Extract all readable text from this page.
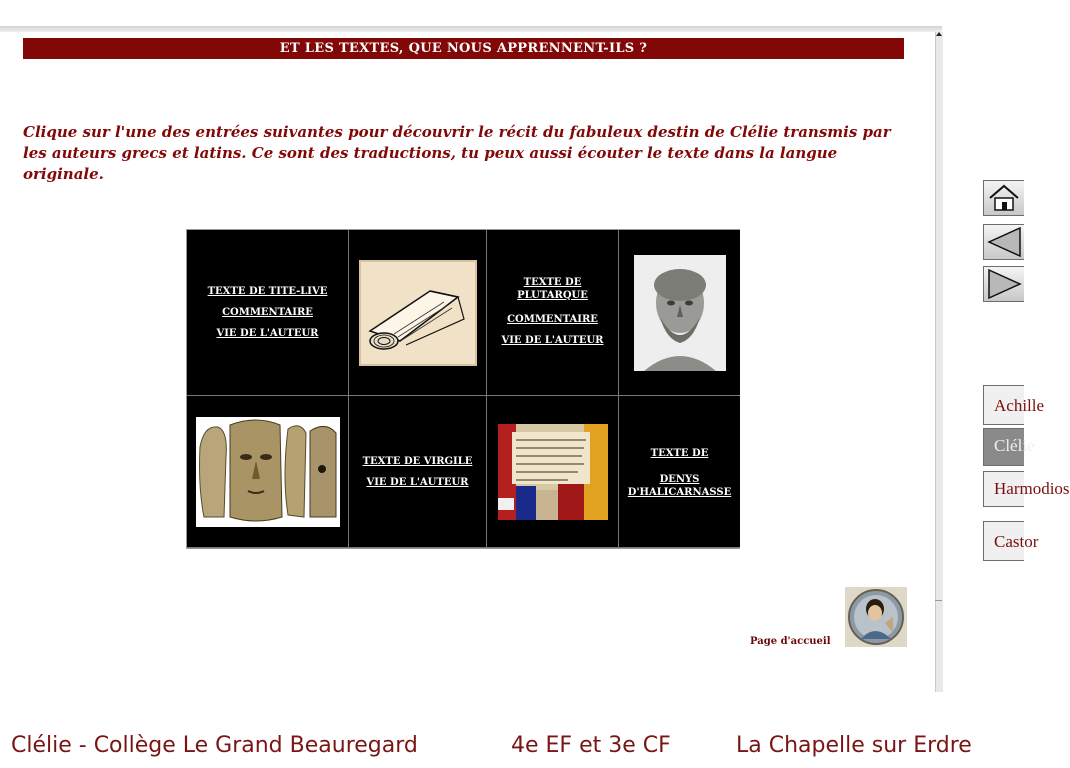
ET LES TEXTES, QUE NOUS APPRENNENT-ILS ?

Clique sur l'une des entrées suivantes pour découvrir le récit du fabuleux destin de Clélie transmis par les auteurs grecs et latins. Ce sont des traductions, tu peux aussi écouter le texte dans la langue originale.

TEXTE DE TITE-LIVE
COMMENTAIRE
VIE DE L'AUTEUR
TEXTE DE PLUTARQUE
COMMENTAIRE
VIE DE L'AUTEUR
TEXTE DE VIRGILE
VIE DE L'AUTEUR
TEXTE DE
DENYS D'HALICARNASSE
Achille
Clélie
Harmodios
Castor
Page d'accueil
Clélie - Collège Le Grand Beauregard	4e EF et 3e CF	La Chapelle sur Erdre
